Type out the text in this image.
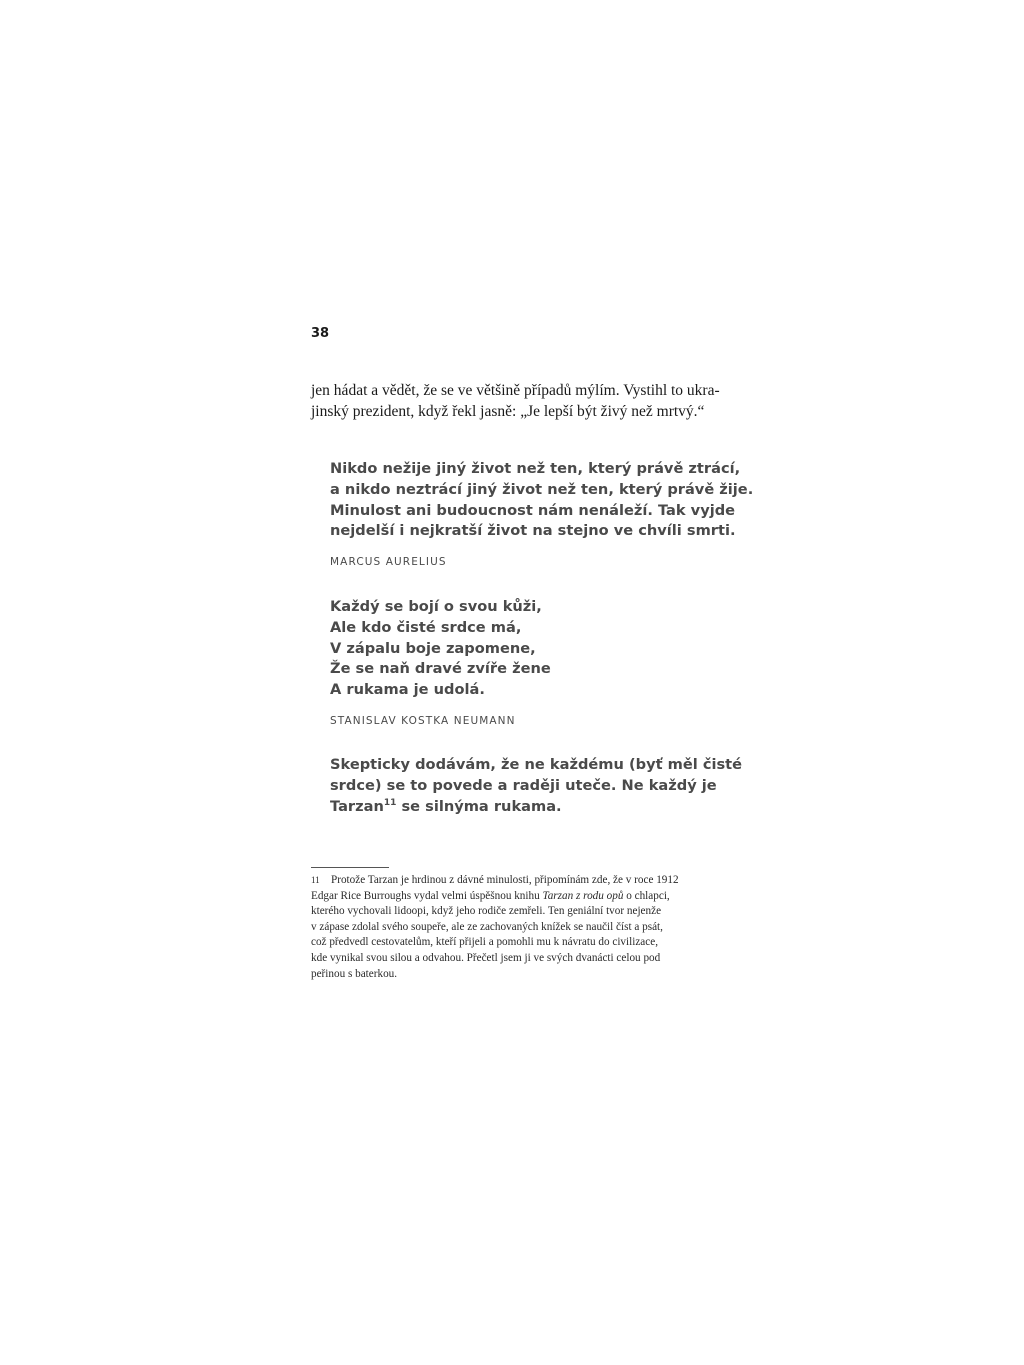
38
jen hádat a vědět, že se ve většině případů mýlím. Vystihl to ukra-
jinský prezident, když řekl jasně: „Je lepší být živý než mrtvý.“
Nikdo nežije jiný život než ten, který právě ztrácí,
a nikdo neztrácí jiný život než ten, který právě žije.
Minulost ani budoucnost nám nenáleží. Tak vyjde
nejdelší i nejkratší život na stejno ve chvíli smrti.
MARCUS AURELIUS
Každý se bojí o svou kůži,
Ale kdo čisté srdce má,
V zápalu boje zapomene,
Že se naň dravé zvíře žene
A rukama je udolá.
STANISLAV KOSTKA NEUMANN
Skepticky dodávám, že ne každému (byť měl čisté
srdce) se to povede a raději uteče. Ne každý je
Tarzan$^{11}$ se silnýma rukama.
11 Protože Tarzan je hrdinou z dávné minulosti, připomínám zde, že v roce 1912
Edgar Rice Burroughs vydal velmi úspěšnou knihu Tarzan z rodu opů o chlapci,
kterého vychovali lidoopi, když jeho rodiče zemřeli. Ten geniální tvor nejenže
v zápase zdolal svého soupeře, ale ze zachovaných knížek se naučil číst a psát,
což předvedl cestovatelům, kteří přijeli a pomohli mu k návratu do civilizace,
kde vynikal svou silou a odvahou. Přečetl jsem ji ve svých dvanácti celou pod
peřinou s baterkou.
